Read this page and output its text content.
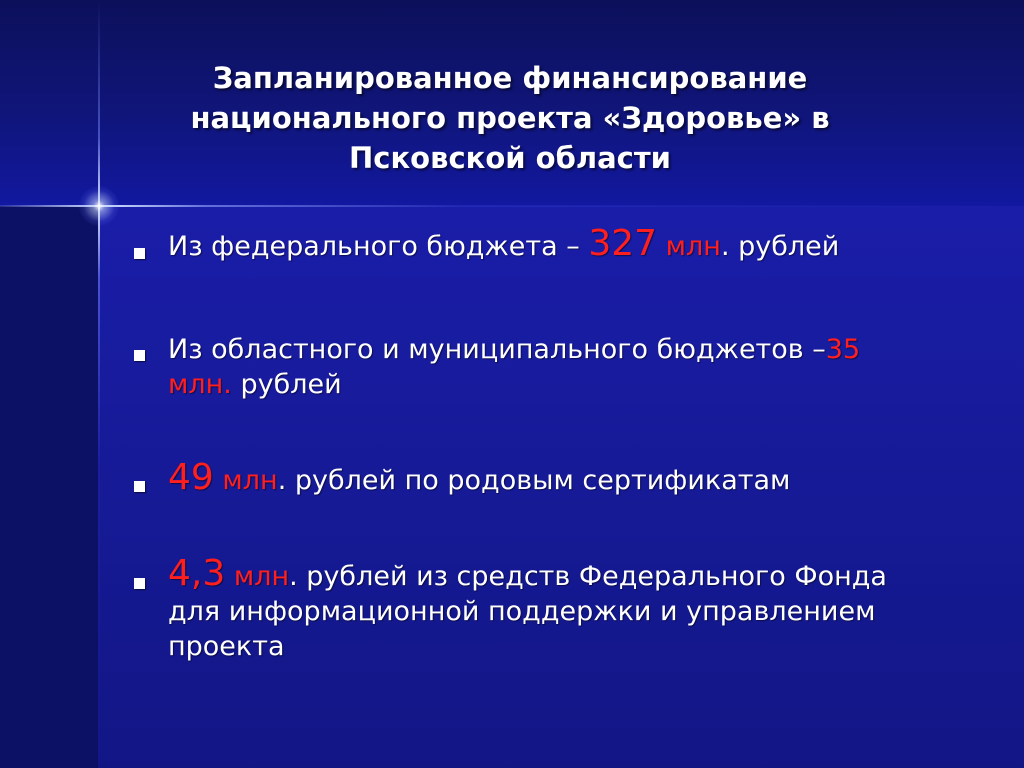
Запланированное финансирование
национального проекта «Здоровье» в
Псковской области
Из федерального бюджета – 327 млн. рублей
Из областного и муниципального бюджетов –35
млн. рублей
49 млн. рублей по родовым сертификатам
4,3 млн. рублей из средств Федерального Фонда
для информационной поддержки и управлением
проекта
